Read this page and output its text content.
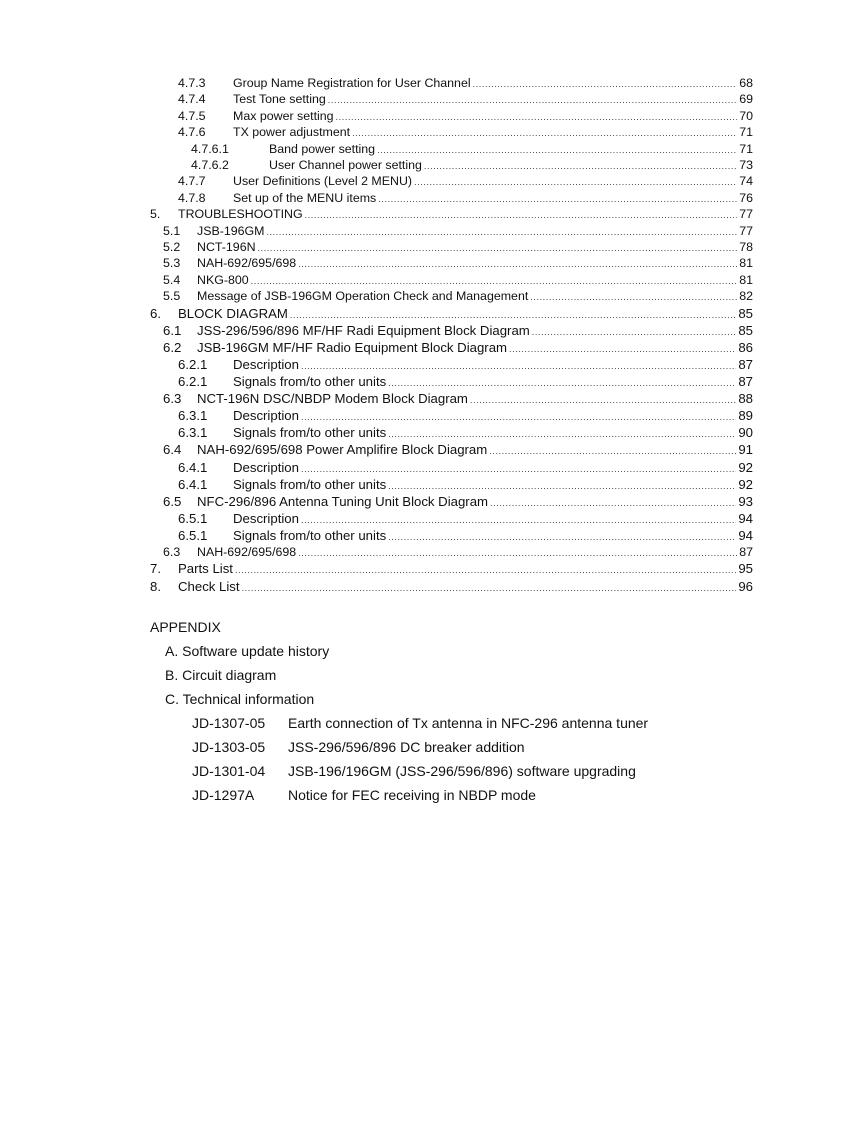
4.7.3	Group Name Registration for User Channel .....	68
4.7.4	Test Tone setting .....	69
4.7.5	Max power setting .....	70
4.7.6	TX power adjustment .....	71
4.7.6.1	Band power setting .....	71
4.7.6.2	User Channel power setting .....	73
4.7.7	User Definitions (Level 2 MENU) .....	74
4.7.8	Set up of the MENU items .....	76
5.	TROUBLESHOOTING .....	77
5.1	JSB-196GM .....	77
5.2	NCT-196N .....	78
5.3	NAH-692/695/698 .....	81
5.4	NKG-800 .....	81
5.5	Message of JSB-196GM Operation Check and Management .....	82
6.	BLOCK DIAGRAM .....	85
6.1	JSS-296/596/896 MF/HF Radi Equipment Block Diagram .....	85
6.2	JSB-196GM MF/HF Radio Equipment Block Diagram .....	86
6.2.1	Description .....	87
6.2.1	Signals from/to other units .....	87
6.3	NCT-196N DSC/NBDP Modem Block Diagram .....	88
6.3.1	Description .....	89
6.3.1	Signals from/to other units .....	90
6.4	NAH-692/695/698 Power Amplifire Block Diagram .....	91
6.4.1	Description .....	92
6.4.1	Signals from/to other units .....	92
6.5	NFC-296/896 Antenna Tuning Unit Block Diagram .....	93
6.5.1	Description .....	94
6.5.1	Signals from/to other units .....	94
6.3	NAH-692/695/698 .....	87
7.	Parts List .....	95
8.	Check List .....	96
APPENDIX
A. Software update history
B. Circuit diagram
C. Technical information
JD-1307-05	Earth connection of Tx antenna in NFC-296 antenna tuner
JD-1303-05	JSS-296/596/896 DC breaker addition
JD-1301-04	JSB-196/196GM (JSS-296/596/896) software upgrading
JD-1297A	Notice for FEC receiving in NBDP mode
